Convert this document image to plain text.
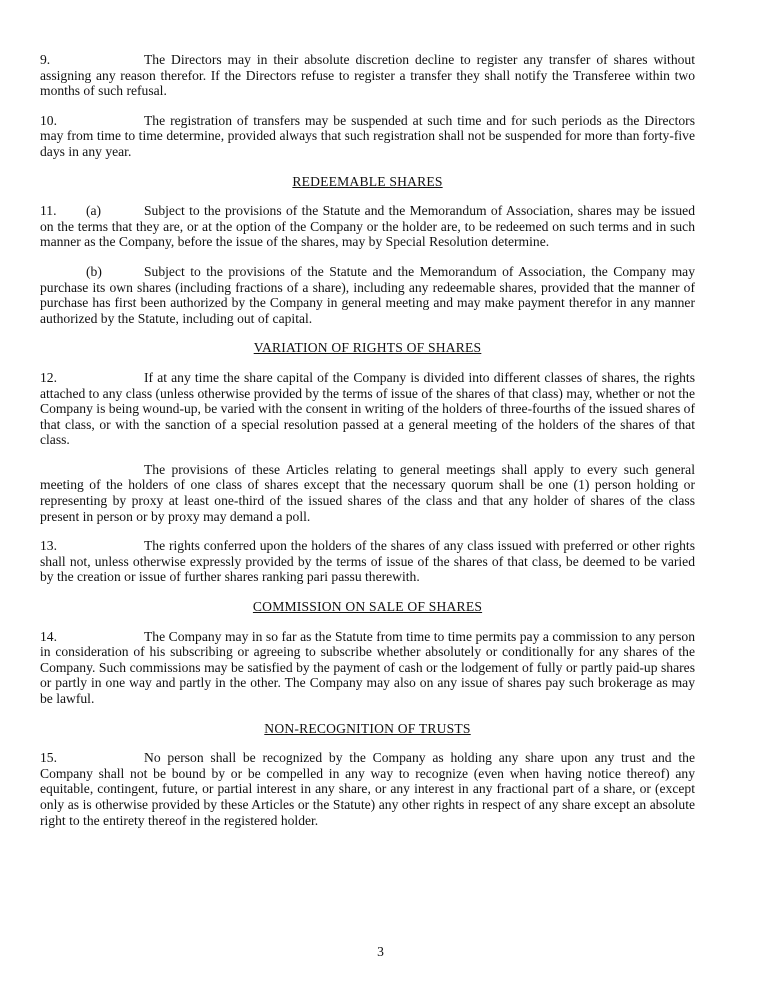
9.	The Directors may in their absolute discretion decline to register any transfer of shares without assigning any reason therefor. If the Directors refuse to register a transfer they shall notify the Transferee within two months of such refusal.

10.	The registration of transfers may be suspended at such time and for such periods as the Directors may from time to time determine, provided always that such registration shall not be suspended for more than forty-five days in any year.

REDEEMABLE SHARES

11. (a)	Subject to the provisions of the Statute and the Memorandum of Association, shares may be issued on the terms that they are, or at the option of the Company or the holder are, to be redeemed on such terms and in such manner as the Company, before the issue of the shares, may by Special Resolution determine.

(b)	Subject to the provisions of the Statute and the Memorandum of Association, the Company may purchase its own shares (including fractions of a share), including any redeemable shares, provided that the manner of purchase has first been authorized by the Company in general meeting and may make payment therefor in any manner authorized by the Statute, including out of capital.

VARIATION OF RIGHTS OF SHARES

12.	If at any time the share capital of the Company is divided into different classes of shares, the rights attached to any class (unless otherwise provided by the terms of issue of the shares of that class) may, whether or not the Company is being wound-up, be varied with the consent in writing of the holders of three-fourths of the issued shares of that class, or with the sanction of a special resolution passed at a general meeting of the holders of the shares of that class.

The provisions of these Articles relating to general meetings shall apply to every such general meeting of the holders of one class of shares except that the necessary quorum shall be one (1) person holding or representing by proxy at least one-third of the issued shares of the class and that any holder of shares of the class present in person or by proxy may demand a poll.

13.	The rights conferred upon the holders of the shares of any class issued with preferred or other rights shall not, unless otherwise expressly provided by the terms of issue of the shares of that class, be deemed to be varied by the creation or issue of further shares ranking pari passu therewith.

COMMISSION ON SALE OF SHARES

14.	The Company may in so far as the Statute from time to time permits pay a commission to any person in consideration of his subscribing or agreeing to subscribe whether absolutely or conditionally for any shares of the Company. Such commissions may be satisfied by the payment of cash or the lodgement of fully or partly paid-up shares or partly in one way and partly in the other. The Company may also on any issue of shares pay such brokerage as may be lawful.

NON-RECOGNITION OF TRUSTS

15.	No person shall be recognized by the Company as holding any share upon any trust and the Company shall not be bound by or be compelled in any way to recognize (even when having notice thereof) any equitable, contingent, future, or partial interest in any share, or any interest in any fractional part of a share, or (except only as is otherwise provided by these Articles or the Statute) any other rights in respect of any share except an absolute right to the entirety thereof in the registered holder.

3
